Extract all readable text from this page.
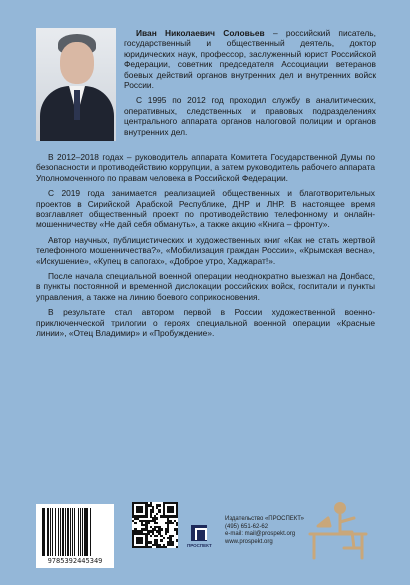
Иван Николаевич Соловьев – российский писатель, государственный и общественный деятель, доктор юридических наук, профессор, заслуженный юрист Российской Федерации, советник председателя Ассоциации ветеранов боевых действий органов внутренних дел и внутренних войск России.

С 1995 по 2012 год проходил службу в аналитических, оперативных, следственных и правовых подразделениях центрального аппарата органов налоговой полиции и органов внутренних дел.

В 2012–2018 годах – руководитель аппарата Комитета Государственной Думы по безопасности и противодействию коррупции, а затем руководитель рабочего аппарата Уполномоченного по правам человека в Российской Федерации.

С 2019 года занимается реализацией общественных и благотворительных проектов в Сирийской Арабской Республике, ДНР и ЛНР. В настоящее время возглавляет общественный проект по противодействию телефонному и онлайн-мошенничеству «Не дай себя обмануть», а также акцию «Книга – фронту».

Автор научных, публицистических и художественных книг «Как не стать жертвой телефонного мошенничества?», «Мобилизация граждан России», «Крымская весна», «Искушение», «Купец в сапогах», «Доброе утро, Хаджарат!».

После начала специальной военной операции неоднократно выезжал на Донбасс, в пункты постоянной и временной дислокации российских войск, госпитали и пункты управления, а также на линию боевого соприкосновения.

В результате стал автором первой в России художественной военно-приключенческой трилогии о героях специальной военной операции «Красные линии», «Отец Владимир» и «Пробуждение».

9785392445349
ПРОСПЕКТ
Издательство «ПРОСПЕКТ»
(495) 651-62-62
e-mail: mail@prospekt.org
www.prospekt.org
